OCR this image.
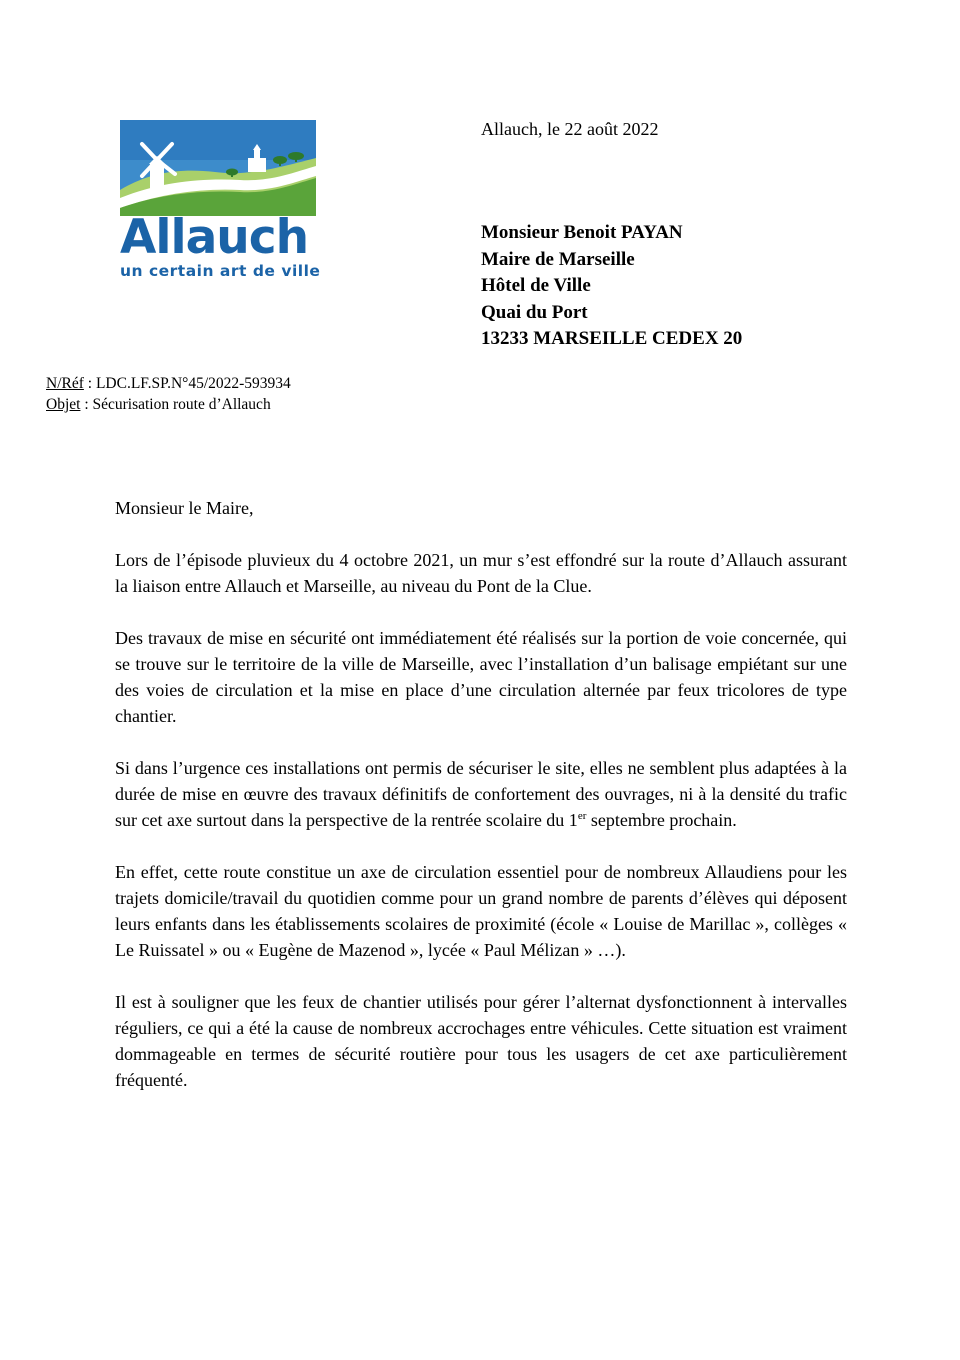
Allauch
un certain art de ville
Allauch, le 22 août 2022
Monsieur Benoit PAYAN
Maire de Marseille
Hôtel de Ville
Quai du Port
13233 MARSEILLE CEDEX 20
N/Réf : LDC.LF.SP.N°45/2022-593934
Objet : Sécurisation route d’Allauch

Monsieur le Maire,

Lors de l’épisode pluvieux du 4 octobre 2021, un mur s’est effondré sur la route d’Allauch assurant la liaison entre Allauch et Marseille, au niveau du Pont de la Clue.

Des travaux de mise en sécurité ont immédiatement été réalisés sur la portion de voie concernée, qui se trouve sur le territoire de la ville de Marseille, avec l’installation d’un balisage empiétant sur une des voies de circulation et la mise en place d’une circulation alternée par feux tricolores de type chantier.

Si dans l’urgence ces installations ont permis de sécuriser le site, elles ne semblent plus adaptées à la durée de mise en œuvre des travaux définitifs de confortement des ouvrages, ni à la densité du trafic sur cet axe surtout dans la perspective de la rentrée scolaire du 1er septembre prochain.

En effet, cette route constitue un axe de circulation essentiel pour de nombreux Allaudiens pour les trajets domicile/travail du quotidien comme pour un grand nombre de parents d’élèves qui déposent leurs enfants dans les établissements scolaires de proximité (école « Louise de Marillac », collèges « Le Ruissatel » ou « Eugène de Mazenod », lycée « Paul Mélizan » …).

Il est à souligner que les feux de chantier utilisés pour gérer l’alternat dysfonctionnent à intervalles réguliers, ce qui a été la cause de nombreux accrochages entre véhicules. Cette situation est vraiment dommageable en termes de sécurité routière pour tous les usagers de cet axe particulièrement fréquenté.
